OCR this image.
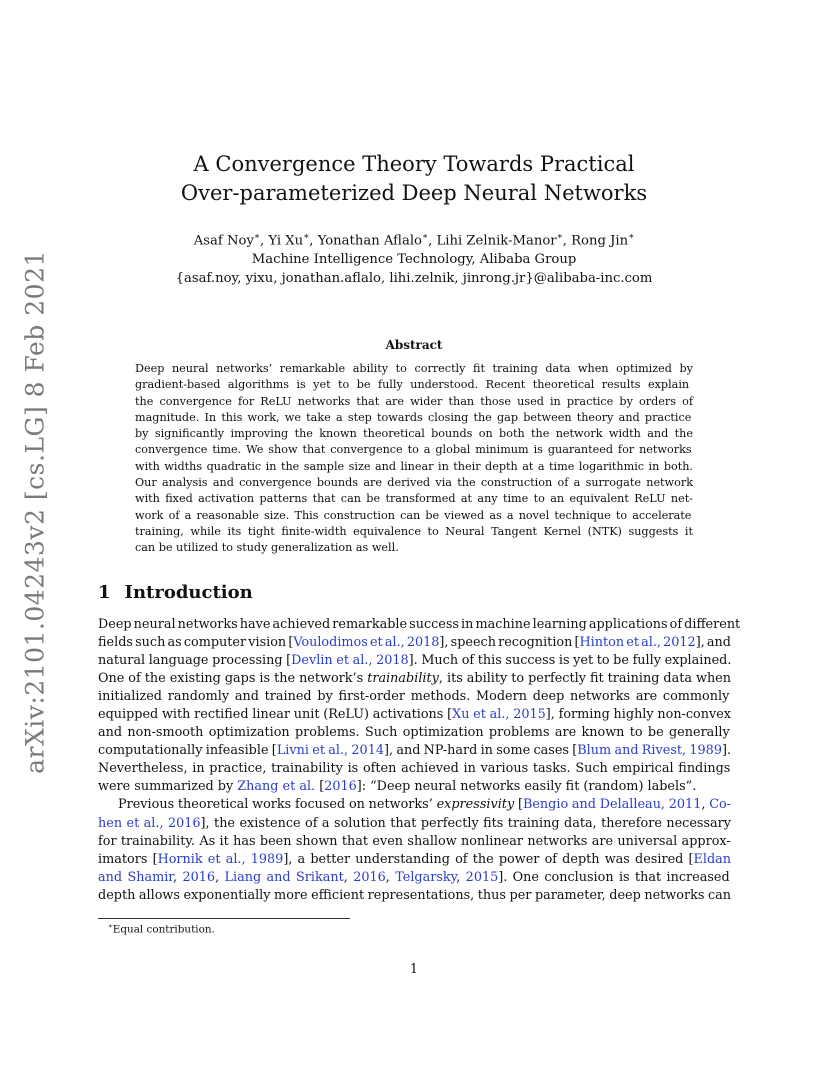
arXiv:2101.04243v2 [cs.LG] 8 Feb 2021
A Convergence Theory Towards Practical
Over-parameterized Deep Neural Networks
Asaf Noy∗, Yi Xu∗, Yonathan Aflalo∗, Lihi Zelnik-Manor∗, Rong Jin∗
Machine Intelligence Technology, Alibaba Group
{asaf.noy, yixu, jonathan.aflalo, lihi.zelnik, jinrong.jr}@alibaba-inc.com
Abstract
Deep neural networks’ remarkable ability to correctly fit training data when optimized by
gradient-based algorithms is yet to be fully understood. Recent theoretical results explain
the convergence for ReLU networks that are wider than those used in practice by orders of
magnitude. In this work, we take a step towards closing the gap between theory and practice
by significantly improving the known theoretical bounds on both the network width and the
convergence time. We show that convergence to a global minimum is guaranteed for networks
with widths quadratic in the sample size and linear in their depth at a time logarithmic in both.
Our analysis and convergence bounds are derived via the construction of a surrogate network
with fixed activation patterns that can be transformed at any time to an equivalent ReLU net-
work of a reasonable size. This construction can be viewed as a novel technique to accelerate
training, while its tight finite-width equivalence to Neural Tangent Kernel (NTK) suggests it
can be utilized to study generalization as well.
1 Introduction
Deep neural networks have achieved remarkable success in machine learning applications of different
fields such as computer vision [Voulodimos et al., 2018], speech recognition [Hinton et al., 2012], and
natural language processing [Devlin et al., 2018]. Much of this success is yet to be fully explained.
One of the existing gaps is the network’s trainability, its ability to perfectly fit training data when
initialized randomly and trained by first-order methods. Modern deep networks are commonly
equipped with rectified linear unit (ReLU) activations [Xu et al., 2015], forming highly non-convex
and non-smooth optimization problems. Such optimization problems are known to be generally
computationally infeasible [Livni et al., 2014], and NP-hard in some cases [Blum and Rivest, 1989].
Nevertheless, in practice, trainability is often achieved in various tasks. Such empirical findings
were summarized by Zhang et al. [2016]: “Deep neural networks easily fit (random) labels”.
Previous theoretical works focused on networks’ expressivity [Bengio and Delalleau, 2011, Co-
hen et al., 2016], the existence of a solution that perfectly fits training data, therefore necessary
for trainability. As it has been shown that even shallow nonlinear networks are universal approx-
imators [Hornik et al., 1989], a better understanding of the power of depth was desired [Eldan
and Shamir, 2016, Liang and Srikant, 2016, Telgarsky, 2015]. One conclusion is that increased
depth allows exponentially more efficient representations, thus per parameter, deep networks can
∗Equal contribution.
1
